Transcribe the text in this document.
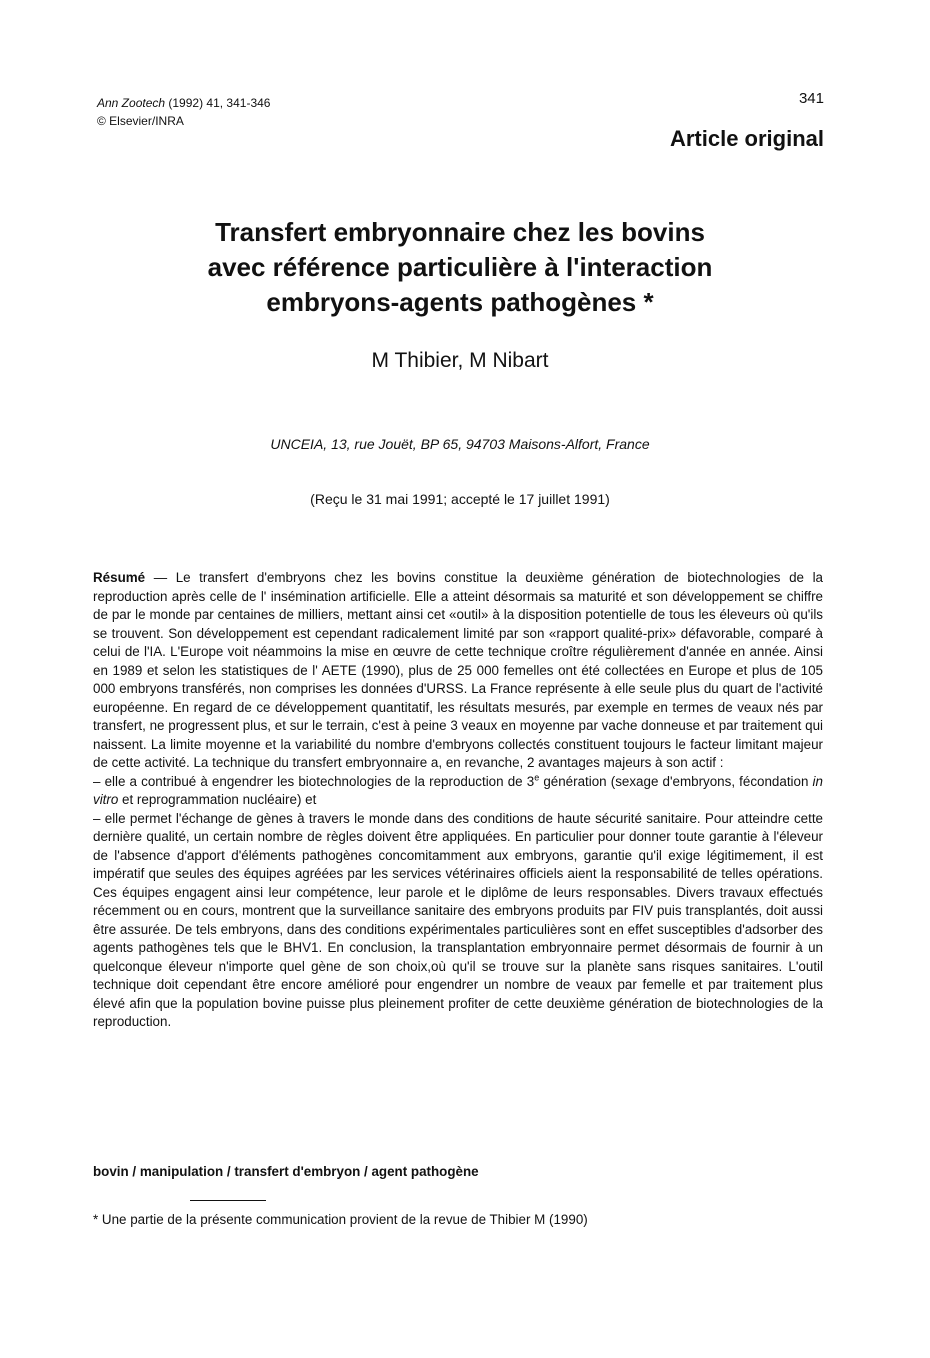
Ann Zootech (1992) 41, 341-346
© Elsevier/INRA
341
Article original
Transfert embryonnaire chez les bovins
avec référence particulière à l'interaction
embryons-agents pathogènes *
M Thibier, M Nibart
UNCEIA, 13, rue Jouët, BP 65, 94703 Maisons-Alfort, France
(Reçu le 31 mai 1991; accepté le 17 juillet 1991)

Résumé — Le transfert d'embryons chez les bovins constitue la deuxième génération de biotechnologies de la reproduction après celle de l' insémination artificielle. Elle a atteint désormais sa maturité et son développement se chiffre de par le monde par centaines de milliers, mettant ainsi cet «outil» à la disposition potentielle de tous les éleveurs où qu'ils se trouvent. Son développement est cependant radicalement limité par son «rapport qualité-prix» défavorable, comparé à celui de l'IA. L'Europe voit néammoins la mise en œuvre de cette technique croître régulièrement d'année en année. Ainsi en 1989 et selon les statistiques de l' AETE (1990), plus de 25 000 femelles ont été collectées en Europe et plus de 105 000 embryons transférés, non comprises les données d'URSS. La France représente à elle seule plus du quart de l'activité européenne. En regard de ce développement quantitatif, les résultats mesurés, par exemple en termes de veaux nés par transfert, ne progressent plus, et sur le terrain, c'est à peine 3 veaux en moyenne par vache donneuse et par traitement qui naissent. La limite moyenne et la variabilité du nombre d'embryons collectés constituent toujours le facteur limitant majeur de cette activité. La technique du transfert embryonnaire a, en revanche, 2 avantages majeurs à son actif :

– elle a contribué à engendrer les biotechnologies de la reproduction de 3e génération (sexage d'embryons, fécondation in vitro et reprogrammation nucléaire) et

– elle permet l'échange de gènes à travers le monde dans des conditions de haute sécurité sanitaire. Pour atteindre cette dernière qualité, un certain nombre de règles doivent être appliquées. En particulier pour donner toute garantie à l'éleveur de l'absence d'apport d'éléments pathogènes concomitamment aux embryons, garantie qu'il exige légitimement, il est impératif que seules des équipes agréées par les services vétérinaires officiels aient la responsabilité de telles opérations. Ces équipes engagent ainsi leur compétence, leur parole et le diplôme de leurs responsables. Divers travaux effectués récemment ou en cours, montrent que la surveillance sanitaire des embryons produits par FIV puis transplantés, doit aussi être assurée. De tels embryons, dans des conditions expérimentales particulières sont en effet susceptibles d'adsorber des agents pathogènes tels que le BHV1. En conclusion, la transplantation embryonnaire permet désormais de fournir à un quelconque éleveur n'importe quel gène de son choix,où qu'il se trouve sur la planète sans risques sanitaires. L'outil technique doit cependant être encore amélioré pour engendrer un nombre de veaux par femelle et par traitement plus élevé afin que la population bovine puisse plus pleinement profiter de cette deuxième génération de biotechnologies de la reproduction.

bovin / manipulation / transfert d'embryon / agent pathogène
* Une partie de la présente communication provient de la revue de Thibier M (1990)
